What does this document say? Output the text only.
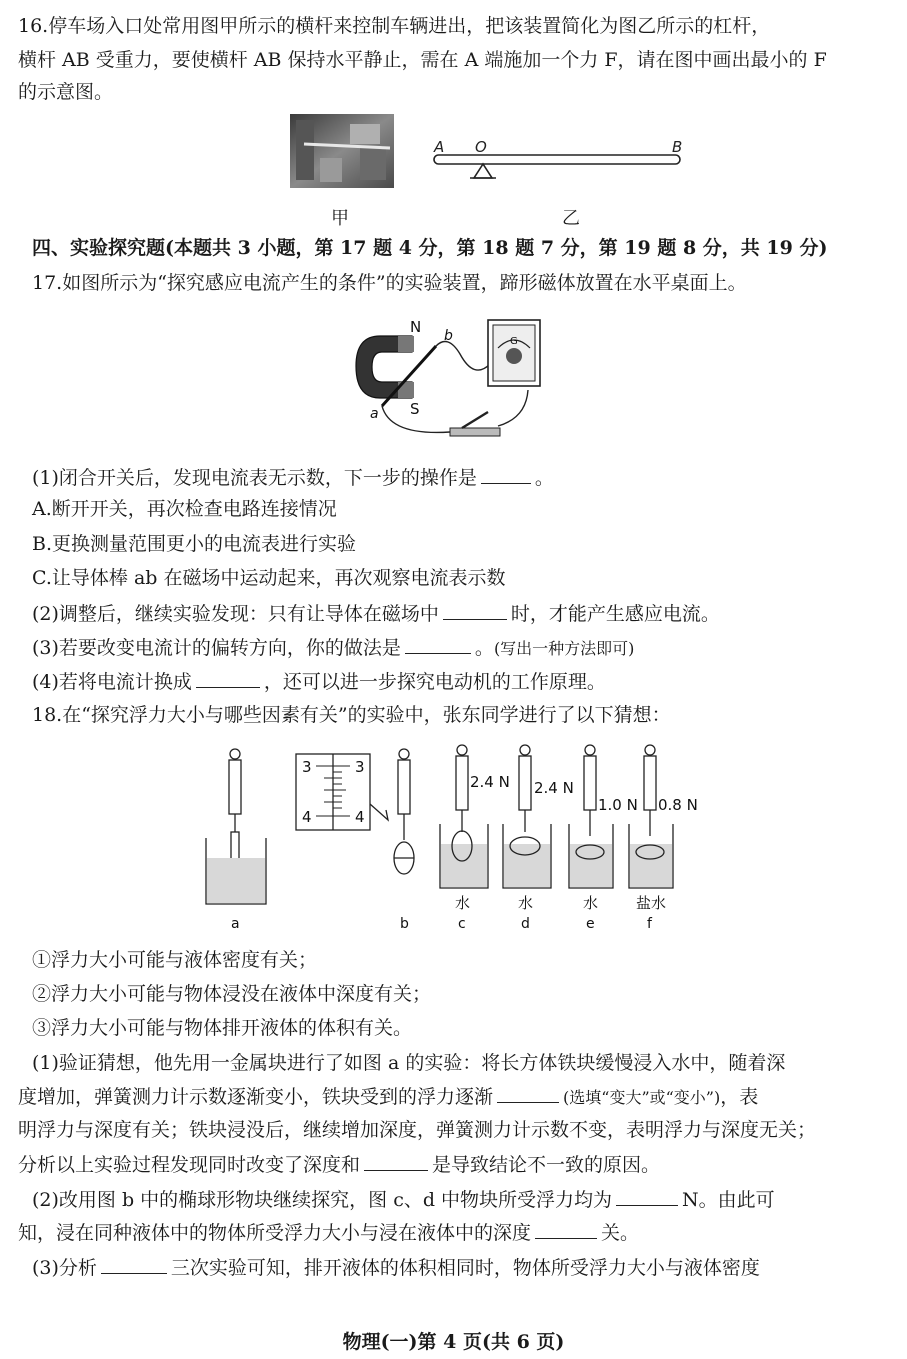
16.停车场入口处常用图甲所示的横杆来控制车辆进出，把该装置简化为图乙所示的杠杆，
横杆 AB 受重力，要使横杆 AB 保持水平静止，需在 A 端施加一个力 F，请在图中画出最小的 F
的示意图。
甲
A O	B
乙
四、实验探究题(本题共 3 小题，第 17 题 4 分，第 18 题 7 分，第 19 题 8 分，共 19 分)
17.如图所示为“探究感应电流产生的条件”的实验装置，蹄形磁体放置在水平桌面上。
N
S
a
b	G
(1)闭合开关后，发现电流表无示数，下一步的操作是	。
A.断开开关，再次检查电路连接情况
B.更换测量范围更小的电流表进行实验
C.让导体棒 ab 在磁场中运动起来，再次观察电流表示数
(2)调整后，继续实验发现：只有让导体在磁场中	时，才能产生感应电流。
(3)若要改变电流计的偏转方向，你的做法是	。(写出一种方法即可)
(4)若将电流计换成	，还可以进一步探究电动机的工作原理。
18.在“探究浮力大小与哪些因素有关”的实验中，张东同学进行了以下猜想：
3	3
4	4
2.4 N 2.4 N
1.0 N 0.8 N
水	水	水	盐水
a	b	c	d	e	f
①浮力大小可能与液体密度有关；
②浮力大小可能与物体浸没在液体中深度有关；
③浮力大小可能与物体排开液体的体积有关。
(1)验证猜想，他先用一金属块进行了如图 a 的实验：将长方体铁块缓慢浸入水中，随着深
度增加，弹簧测力计示数逐渐变小，铁块受到的浮力逐渐	(选填“变大”或“变小”)，表
明浮力与深度有关；铁块浸没后，继续增加深度，弹簧测力计示数不变，表明浮力与深度无关；
分析以上实验过程发现同时改变了深度和	是导致结论不一致的原因。
(2)改用图 b 中的椭球形物块继续探究，图 c、d 中物块所受浮力均为	N。由此可
知，浸在同种液体中的物体所受浮力大小与浸在液体中的深度	关。
(3)分析	三次实验可知，排开液体的体积相同时，物体所受浮力大小与液体密度
物理(一)第 4 页(共 6 页)
